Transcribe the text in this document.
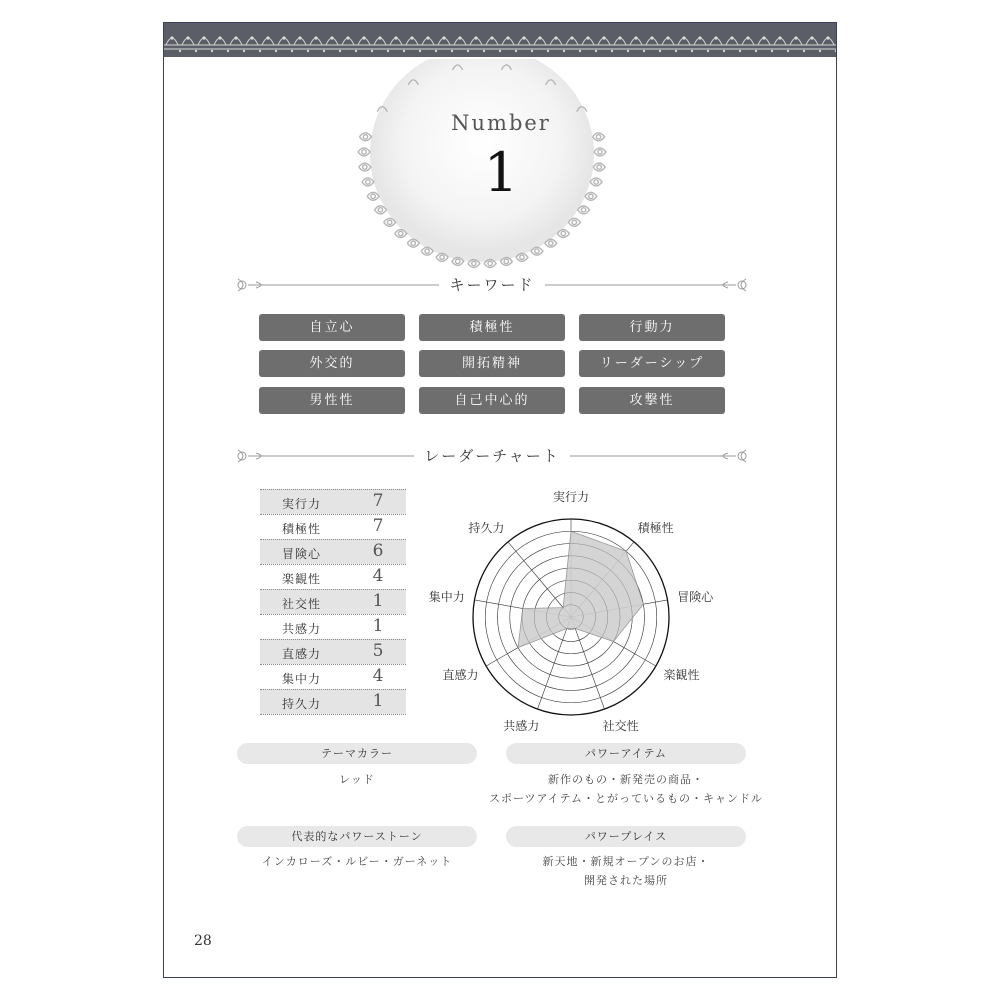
Number
1
キーワード
自立心	積極性	行動力
外交的	開拓精神	リーダーシップ
男性性	自己中心的	攻撃性
レーダーチャート
実行力	7
積極性	7
冒険心	6
楽観性	4
社交性	1
共感力	1
直感力	5
集中力	4
持久力	1
実行力
積極性
冒険心
楽観性
社交性
共感力
直感力
集中力
持久力
テーマカラー
レッド
パワーアイテム
新作のもの・新発売の商品・
スポーツアイテム・とがっているもの・キャンドル
代表的なパワーストーン
インカローズ・ルビー・ガーネット
パワープレイス
新天地・新規オープンのお店・
開発された場所
28
